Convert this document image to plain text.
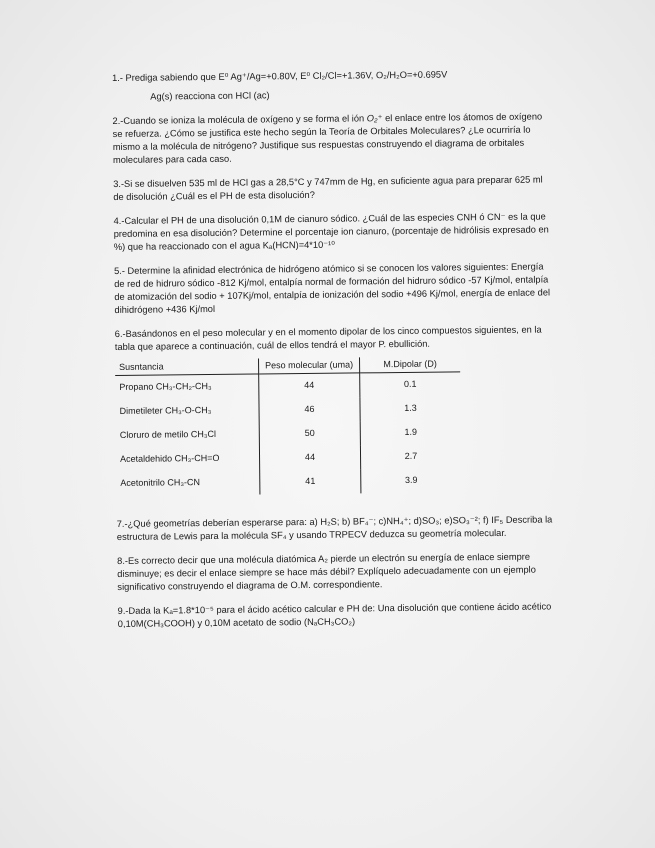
1.- Prediga sabiendo que E⁰ Ag⁺/Ag=+0.80V, E⁰ Cl₂/Cl=+1.36V, O₂/H₂O=+0.695V
Ag(s) reacciona con HCl (ac)
2.-Cuando se ioniza la molécula de oxígeno y se forma el ión O₂⁺ el enlace entre los átomos de oxígeno se refuerza. ¿Cómo se justifica este hecho según la Teoría de Orbitales Moleculares? ¿Le ocurriría lo mismo a la molécula de nitrógeno? Justifique sus respuestas construyendo el diagrama de orbitales moleculares para cada caso.
3.-Si se disuelven 535 ml de HCl gas a 28,5°C y 747mm de Hg, en suficiente agua para preparar 625 ml de disolución ¿Cuál es el PH de esta disolución?
4.-Calcular el PH de una disolución 0,1M de cianuro sódico. ¿Cuál de las especies CNH ó CN⁻ es la que predomina en esa disolución? Determine el porcentaje ion cianuro, (porcentaje de hidrólisis expresado en %) que ha reaccionado con el agua Kₐ(HCN)=4*10⁻¹⁰
5.- Determine la afinidad electrónica de hidrógeno atómico si se conocen los valores siguientes: Energía de red de hidruro sódico -812 Kj/mol, entalpía normal de formación del hidruro sódico -57 Kj/mol, entalpía de atomización del sodio + 107Kj/mol, entalpía de ionización del sodio +496 Kj/mol, energía de enlace del dihidrógeno +436 Kj/mol
6.-Basándonos en el peso molecular y en el momento dipolar de los cinco compuestos siguientes, en la tabla que aparece a continuación, cuál de ellos tendrá el mayor P. ebullición.
Susntancia	Peso molecular (uma)	M.Dipolar (D)
Propano CH₃-CH₂-CH₃	44	0.1
Dimetileter CH₃-O-CH₃	46	1.3
Cloruro de metilo CH₃Cl	50	1.9
Acetaldehido CH₃-CH=O	44	2.7
Acetonitrilo CH₃-CN	41	3.9
7.-¿Qué geometrías deberían esperarse para: a) H₂S; b) BF₄⁻; c)NH₄⁺; d)SO₃; e)SO₃⁻²; f) IF₅ Describa la estructura de Lewis para la molécula SF₄ y usando TRPECV deduzca su geometría molecular.
8.-Es correcto decir que una molécula diatómica A₂ pierde un electrón su energía de enlace siempre disminuye; es decir el enlace siempre se hace más débil? Explíquelo adecuadamente con un ejemplo significativo construyendo el diagrama de O.M. correspondiente.
9.-Dada la Kₐ=1.8*10⁻⁵ para el ácido acético calcular e PH de: Una disolución que contiene ácido acético 0,10M(CH₃COOH) y 0,10M acetato de sodio (NₐCH₃CO₂)
